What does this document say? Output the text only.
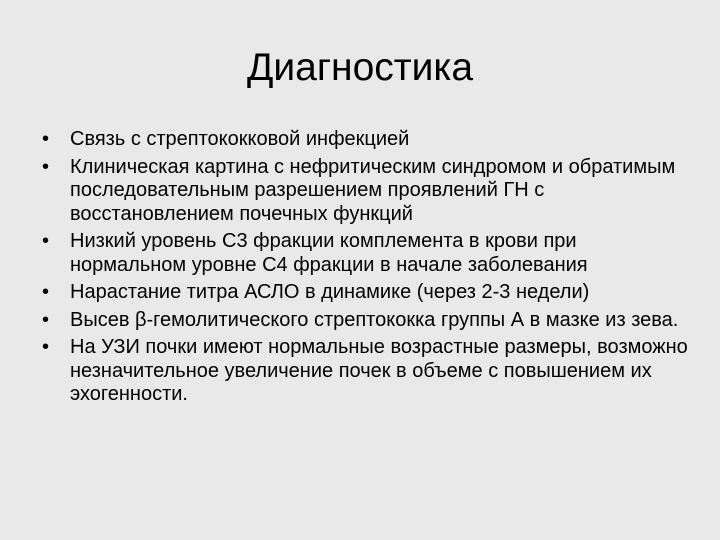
Диагностика
•	Связь с стрептококковой инфекцией
•	Клиническая картина с нефритическим синдромом и обратимым последовательным разрешением проявлений ГН с восстановлением почечных функций
•	Низкий уровень С3 фракции комплемента в крови при нормальном уровне С4 фракции в начале заболевания
•	Нарастание титра АСЛО в динамике (через 2-3 недели)
•	Высев β-гемолитического стрептококка группы А в мазке из зева.
•	На УЗИ почки имеют нормальные возрастные размеры, возможно незначительное увеличение почек в объеме с повышением их эхогенности.
